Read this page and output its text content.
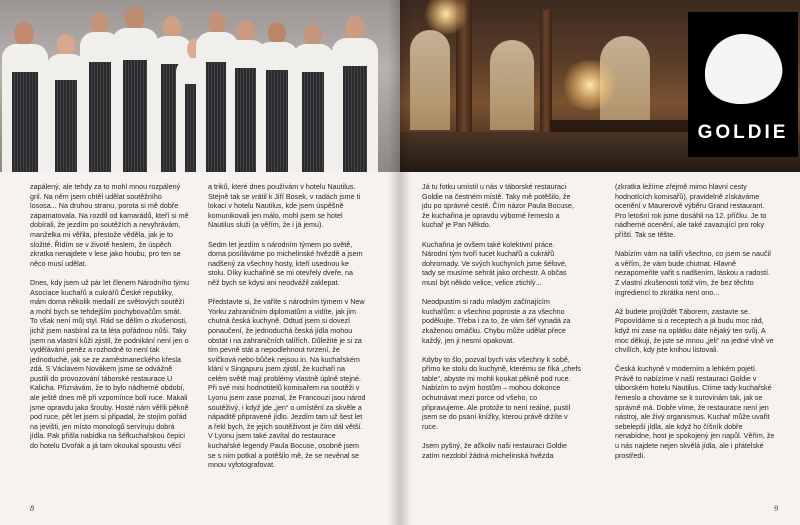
zapálený, ale tehdy za to mohl mnou rozpálený gril. Na něm jsem chtěl udělat soutěžního lososa... Na druhou stranu, porota si mě dobře zapamatovala. Na rozdíl od kamarádů, kteří si mě dobírali, že jezdím po soutěžích a nevyhrávám, manželka mi věřila, přestože věděla, jak je to složité. Řídím se v životě heslem, že úspěch zkratka nenajdete v lese jako houbu, pro ten se něco musí udělat.

Dnes, kdy jsem už pár let členem Národního týmu Asociace kuchařů a cukrářů České republiky, mám doma několik medailí ze světových soutěží a mohl bych se tehdejším pochybovačům smát. To však není můj styl. Rád se dělím o zkušenosti, jichž jsem nasbíral za ta léta pořádnou nůši. Taky jsem na vlastní kůži zjistil, že podnikání není jen o vydělávání peněz a rozhodně to není tak jednoduché, jak se ze zaměstnaneckého křesla zdá. S Václavem Novákem jsme se odvážně pustili do provozování táborské restaurace U Kalicha. Přiznávám, že to bylo nádherné období, ale ještě dnes mě při vzpomínce bolí ruce. Makali jsme opravdu jako šrouby. Hosté nám věřili pěkně pod ruce, pět let jsem si připadal, že stojím pořád na jevišti, jen místo monologů servíruju dobrá jídla. Pak přišla nabídka na šéfkuchařskou čepici do hotelu Dvořák a já tam okoukal spoustu věcí

a triků, které dnes používám v hotelu Nautilus. Stejně tak se vrátil k Jiří Bosek, v radách jsme ti lokaci v hotelu Nautilus, kde jsem úspěšně komunikovali jen málo, mohl jsem se hotel Nautilus služi (a věřím, že i já jemu).

Sedm let jezdím s národním týmem po světě, doma posíláváme po michelinské hvězdě a jsem nadšený za všechny hosty, kteří usednou ke stolu. Díky kuchařině se mi otevřely dveře, na něž bych se kdysi ani neodvážil zaklepat.

Představte si, že vaříte s národním týmem v New Yorku zahraničním diplomatům a vidíte, jak jim chutná česká kuchyně. Odtud jsem si dovezl ponaučení, že jednoduchá česká jídla mohou obstát i na zahraničních talířích. Důležité je si za tím pevně stát a nepodlehnout tvrzení, že svíčková nebo bůček nejsou in. Na kuchařském klání v Singapuru jsem zjistil, že kuchaři na celém světě mají problémy vlastně úplně stejné. Při své misi hodnotitelů komisařem na soutěži v Lyonu jsem zase poznal, že Francouzi jsou národ soutěživý, i když jde „jen“ o umístění za skvěle a nápaditě připravené jídlo. Jezdím tam už šest let a řekl bych, že jejich soutěživost je čím dál větší. V Lyonu jsem také zavítal do restaurace kuchařské legendy Paula Bocuse, osobně jsem se s ním potkal a potěšilo mě, že se nevěnal se mnou vyfotografovat.

8
GOLDIE

Já tu fotku umístil u nás v táborské restauraci Goldie na čestném místě. Taky mě potěšilo, že jdu po správné cestě. Čím názor Paula Bocuse, že kuchařina je opravdu výborné řemeslo a kuchař je Pan Někdo.

Kuchařina je ovšem také kolektivní práce. Národní tým tvoří tucet kuchařů a cukrářů dohromady. Ve svých kuchyních jsme šéfové, tady se musíme sehrát jako orchestr. A občas musí být někdo velice, velice ztichlý...

Neodpustím si radu mladým začínajícím kuchařům: o všechno poproste a za všechno poděkujte. Třeba i za to, že vám šéf vynadá za zkaženou omáčku. Chybu může udělat přece každý, jen ji nesmí opakovat.

Kdyby to šlo, pozval bych vás všechny k sobě, přímo ke stolu do kuchyně, kterému se říká „chefs table“, abyste mi mohli koukat pěkně pod ruce. Nabízím to svým hostům – mohou dokonce ochutnávat mezi porce od všeho, co připravujeme. Ale protože to není reálné, pustil jsem se do psaní knížky, kterou právě držíte v ruce.

Jsem pyšný, že ačkoliv naši restauraci Goldie zatím nezdobí žádná michelinská hvězda

(zkratka ležíme zřejmě mimo hlavní cesty hodnotících komisařů), pravidelně získáváme ocenění v Maurerově výběru Grand restaurant. Pro letošní rok jsme dosáhli na 12. příčku. Je to nádherné ocenění, ale také zavazující pro roky příští. Tak se těšte.

Nabízím vám na talíři všechno, co jsem se naučil a věřím, že vám bude chutnat. Hlavně nezapomeňte vařit s nadšením, láskou a radostí. Z vlastní zkušenosti totiž vím, že bez těchto ingrediencí to zkrátka není ono...

Až budete projíždět Táborem, zastavte se. Popovídáme si o receptech a já budu moc rád, když mi zase na oplátku dáte nějaký ten svůj. A moc děkuji, že jste se mnou „jeli“ na jedné vlně ve chvílích, kdy jste knihou listovali.

Česká kuchyně v moderním a lehkém pojetí. Právě to nabízíme v naší restauraci Goldie v táborském hotelu Nautilus. Ctíme tady kuchařské řemeslo a chováme se k surovinám tak, jak se správně má. Dobře víme, že restaurace není jen nástroj, ale živý organismus. Kuchař může uvařit sebelepší jídla, ale když ho číšník dobře nenabídne, host je spokojený jen napůl. Věřím, že u nás najdete nejen skvělá jídla, ale i přátelské prostředí.

9
